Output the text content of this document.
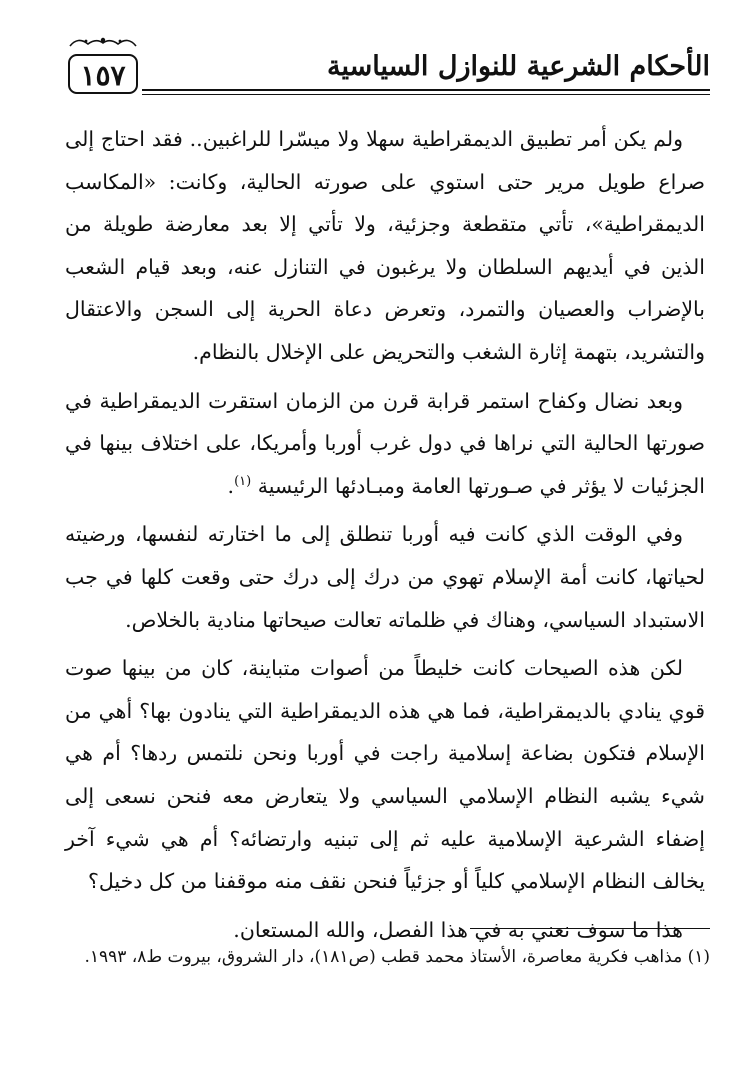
١٥٧	الأحكام الشرعية للنوازل السياسية

ولم يكن أمر تطبيق الديمقراطية سهلا ولا ميسّرا للراغبين.. فقد احتاج إلى صراع طويل مرير حتى استوي على صورته الحالية، وكانت: «المكاسب الديمقراطية»، تأتي متقطعة وجزئية، ولا تأتي إلا بعد معارضة طويلة من الذين في أيديهم السلطان ولا يرغبون في التنازل عنه، وبعد قيام الشعب بالإضراب والعصيان والتمرد، وتعرض دعاة الحرية إلى السجن والاعتقال والتشريد، بتهمة إثارة الشغب والتحريض على الإخلال بالنظام.

وبعد نضال وكفاح استمر قرابة قرن من الزمان استقرت الديمقراطية في صورتها الحالية التي نراها في دول غرب أوربا وأمريكا، على اختلاف بينها في الجزئيات لا يؤثر في صـورتها العامة ومبـادئها الرئيسية $^{(١)}$.

وفي الوقت الذي كانت فيه أوربا تنطلق إلى ما اختارته لنفسها، ورضيته لحياتها، كانت أمة الإسلام تهوي من درك إلى درك حتى وقعت كلها في جب الاستبداد السياسي، وهناك في ظلماته تعالت صيحاتها منادية بالخلاص.

لكن هذه الصيحات كانت خليطاً من أصوات متباينة، كان من بينها صوت قوي ينادي بالديمقراطية، فما هي هذه الديمقراطية التي ينادون بها؟ أهي من الإسلام فتكون بضاعة إسلامية راجت في أوربا ونحن نلتمس ردها؟ أم هي شيء يشبه النظام الإسلامي السياسي ولا يتعارض معه فنحن نسعى إلى إضفاء الشرعية الإسلامية عليه ثم إلى تبنيه وارتضائه؟ أم هي شيء آخر يخالف النظام الإسلامي كلياً أو جزئياً فنحن نقف منه موقفنا من كل دخيل؟

هذا ما سوف نعني به في هذا الفصل، والله المستعان.

(١) مذاهب فكرية معاصرة، الأستاذ محمد قطب (ص١٨١)، دار الشروق، بيروت ط٨، ١٩٩٣.
